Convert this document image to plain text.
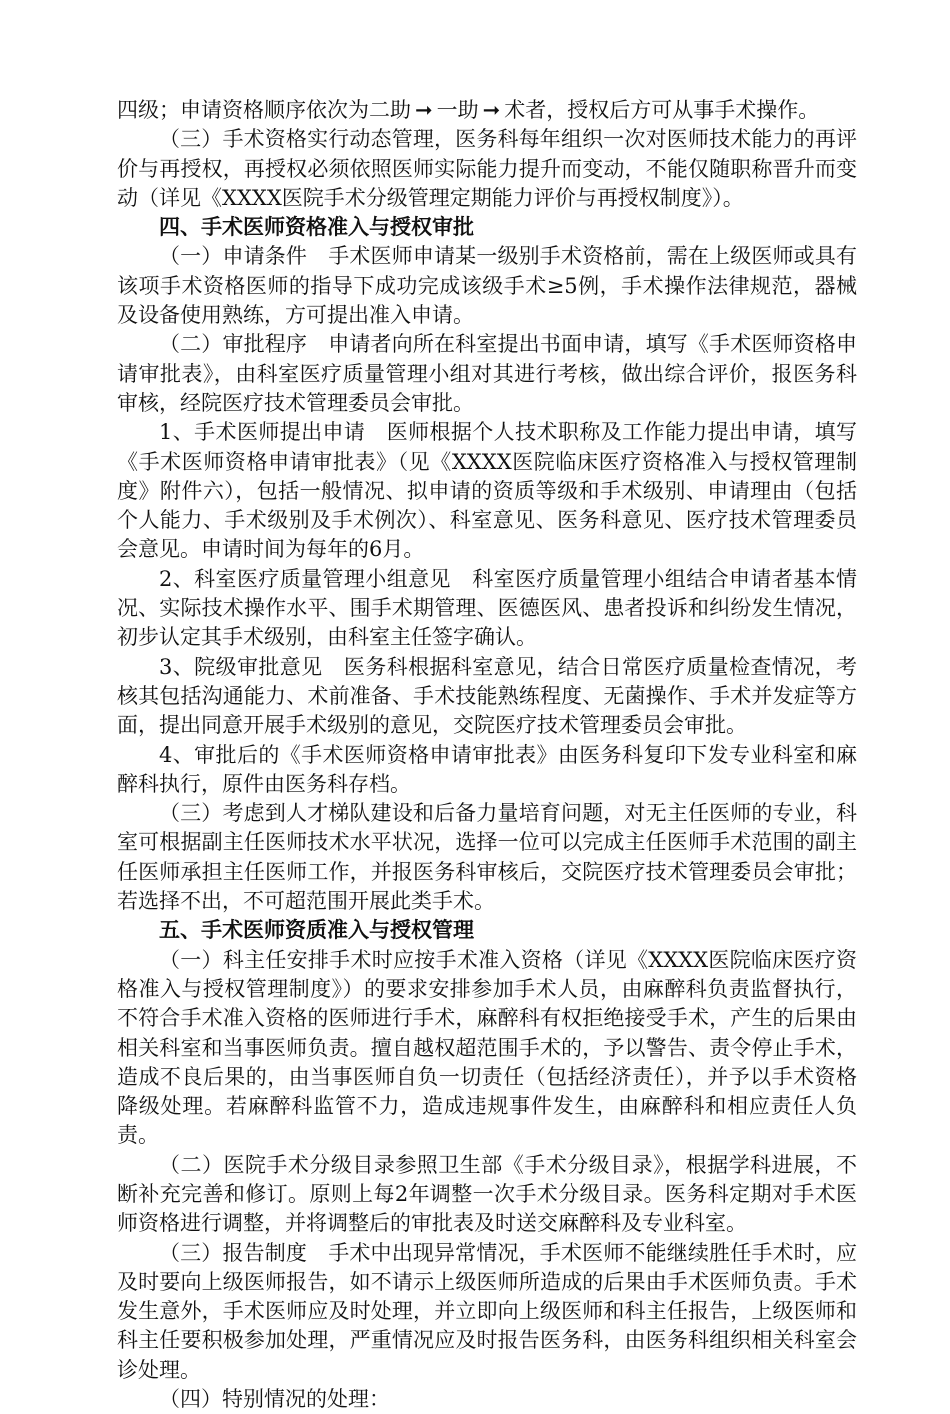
四级；申请资格顺序依次为二助 ➞ 一助 ➞ 术者，授权后方可从事手术操作。

（三）手术资格实行动态管理，医务科每年组织一次对医师技术能力的再评价与再授权，再授权必须依照医师实际能力提升而变动，不能仅随职称晋升而变动（详见《XXXX医院手术分级管理定期能力评价与再授权制度》）。

四、手术医师资格准入与授权审批

（一）申请条件　手术医师申请某一级别手术资格前，需在上级医师或具有该项手术资格医师的指导下成功完成该级手术≥5例，手术操作法律规范，器械及设备使用熟练，方可提出准入申请。

（二）审批程序　申请者向所在科室提出书面申请，填写《手术医师资格申请审批表》，由科室医疗质量管理小组对其进行考核，做出综合评价，报医务科审核，经院医疗技术管理委员会审批。

1、手术医师提出申请　医师根据个人技术职称及工作能力提出申请，填写《手术医师资格申请审批表》（见《XXXX医院临床医疗资格准入与授权管理制度》附件六），包括一般情况、拟申请的资质等级和手术级别、申请理由（包括个人能力、手术级别及手术例次）、科室意见、医务科意见、医疗技术管理委员会意见。申请时间为每年的6月。

2、科室医疗质量管理小组意见　科室医疗质量管理小组结合申请者基本情况、实际技术操作水平、围手术期管理、医德医风、患者投诉和纠纷发生情况，初步认定其手术级别，由科室主任签字确认。

3、院级审批意见　医务科根据科室意见，结合日常医疗质量检查情况，考核其包括沟通能力、术前准备、手术技能熟练程度、无菌操作、手术并发症等方面，提出同意开展手术级别的意见，交院医疗技术管理委员会审批。

4、审批后的《手术医师资格申请审批表》由医务科复印下发专业科室和麻醉科执行，原件由医务科存档。

（三）考虑到人才梯队建设和后备力量培育问题，对无主任医师的专业，科室可根据副主任医师技术水平状况，选择一位可以完成主任医师手术范围的副主任医师承担主任医师工作，并报医务科审核后，交院医疗技术管理委员会审批；若选择不出，不可超范围开展此类手术。

五、手术医师资质准入与授权管理

（一）科主任安排手术时应按手术准入资格（详见《XXXX医院临床医疗资格准入与授权管理制度》）的要求安排参加手术人员，由麻醉科负责监督执行，不符合手术准入资格的医师进行手术，麻醉科有权拒绝接受手术，产生的后果由相关科室和当事医师负责。擅自越权超范围手术的，予以警告、责令停止手术，造成不良后果的，由当事医师自负一切责任（包括经济责任），并予以手术资格降级处理。若麻醉科监管不力，造成违规事件发生，由麻醉科和相应责任人负责。

（二）医院手术分级目录参照卫生部《手术分级目录》，根据学科进展，不断补充完善和修订。原则上每2年调整一次手术分级目录。医务科定期对手术医师资格进行调整，并将调整后的审批表及时送交麻醉科及专业科室。

（三）报告制度　手术中出现异常情况，手术医师不能继续胜任手术时，应及时要向上级医师报告，如不请示上级医师所造成的后果由手术医师负责。手术发生意外，手术医师应及时处理，并立即向上级医师和科主任报告，上级医师和科主任要积极参加处理，严重情况应及时报告医务科，由医务科组织相关科室会诊处理。

（四）特别情况的处理：
